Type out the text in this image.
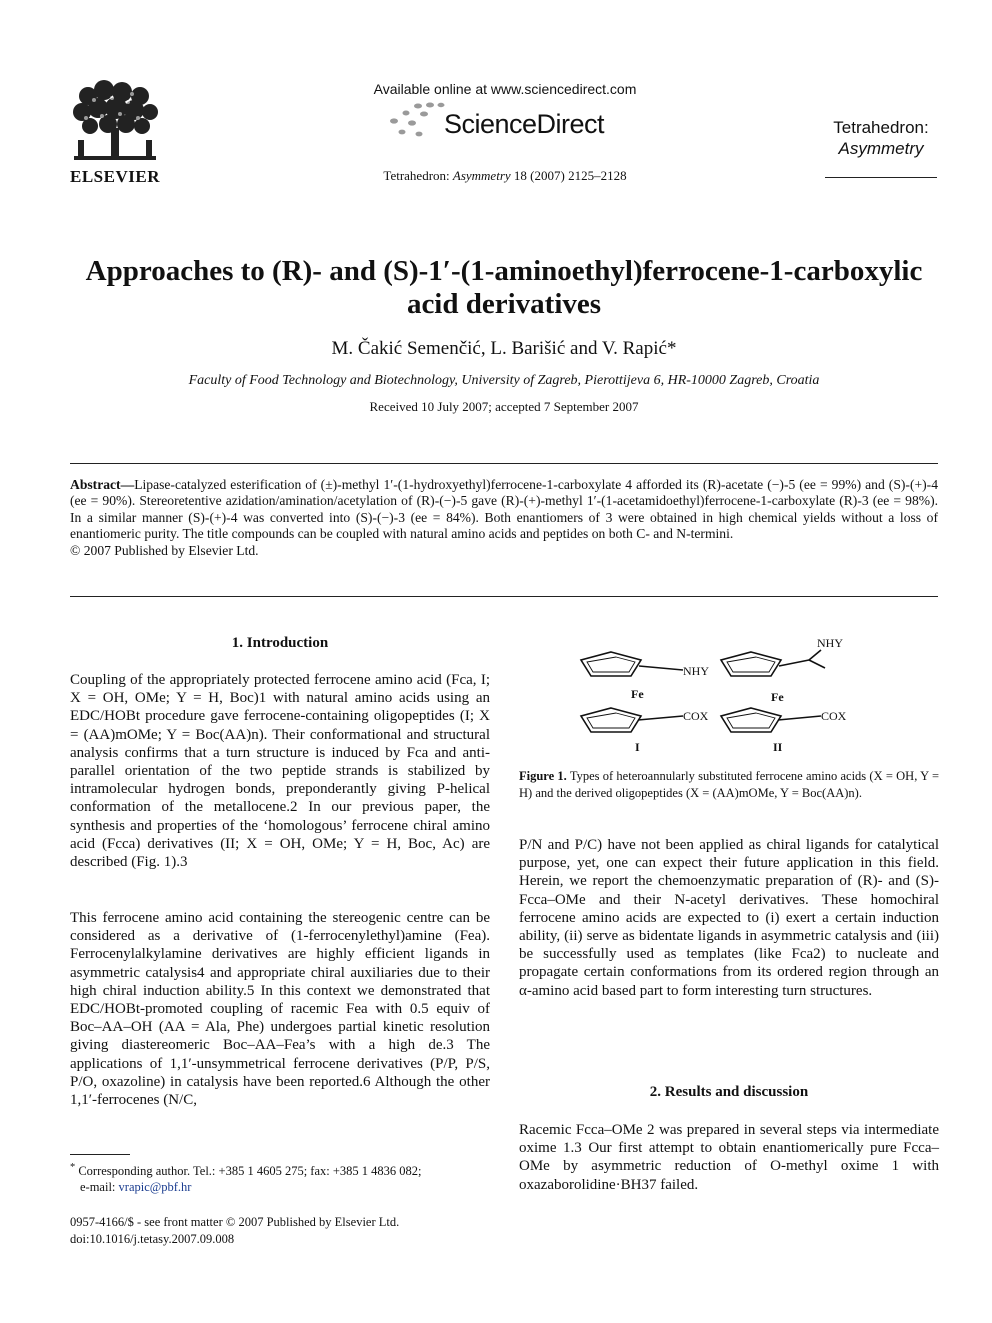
ELSEVIER
Available online at www.sciencedirect.com
ScienceDirect
Tetrahedron: Asymmetry 18 (2007) 2125–2128
Tetrahedron:
Asymmetry
Approaches to (R)- and (S)-1′-(1-aminoethyl)ferrocene-1-carboxylic acid derivatives
M. Čakić Semenčić, L. Barišić and V. Rapić*
Faculty of Food Technology and Biotechnology, University of Zagreb, Pierottijeva 6, HR-10000 Zagreb, Croatia
Received 10 July 2007; accepted 7 September 2007
Abstract—Lipase-catalyzed esterification of (±)-methyl 1′-(1-hydroxyethyl)ferrocene-1-carboxylate 4 afforded its (R)-acetate (−)-5 (ee = 99%) and (S)-(+)-4 (ee = 90%). Stereoretentive azidation/amination/acetylation of (R)-(−)-5 gave (R)-(+)-methyl 1′-(1-acetamidoethyl)ferrocene-1-carboxylate (R)-3 (ee = 98%). In a similar manner (S)-(+)-4 was converted into (S)-(−)-3 (ee = 84%). Both enantiomers of 3 were obtained in high chemical yields without a loss of enantiomeric purity. The title compounds can be coupled with natural amino acids and peptides on both C- and N-termini.
© 2007 Published by Elsevier Ltd.
1. Introduction

Coupling of the appropriately protected ferrocene amino acid (Fca, I; X = OH, OMe; Y = H, Boc)1 with natural amino acids using an EDC/HOBt procedure gave ferrocene-containing oligopeptides (I; X = (AA)mOMe; Y = Boc(AA)n). Their conformational and structural analysis confirms that a turn structure is induced by Fca and anti-parallel orientation of the two peptide strands is stabilized by intramolecular hydrogen bonds, preponderantly giving P-helical conformation of the metallocene.2 In our previous paper, the synthesis and properties of the ‘homologous’ ferrocene chiral amino acid (Fcca) derivatives (II; X = OH, OMe; Y = H, Boc, Ac) are described (Fig. 1).3

This ferrocene amino acid containing the stereogenic centre can be considered as a derivative of (1-ferrocenylethyl)amine (Fea). Ferrocenylalkylamine derivatives are highly efficient ligands in asymmetric catalysis4 and appropriate chiral auxiliaries due to their high chiral induction ability.5 In this context we demonstrated that EDC/HOBt-promoted coupling of racemic Fea with 0.5 equiv of Boc–AA–OH (AA = Ala, Phe) undergoes partial kinetic resolution giving diastereomeric Boc–AA–Fea’s with a high de.3 The applications of 1,1′-unsymmetrical ferrocene derivatives (P/P, P/S, P/O, oxazoline) in catalysis have been reported.6 Although the other 1,1′-ferrocenes (N/C,

* Corresponding author. Tel.: +385 1 4605 275; fax: +385 1 4836 082;
e-mail: vrapic@pbf.hr
0957-4166/$ - see front matter © 2007 Published by Elsevier Ltd.
doi:10.1016/j.tetasy.2007.09.008
NHY
Fe
COX
I
NHY
Fe
COX
II
Figure 1. Types of heteroannularly substituted ferrocene amino acids (X = OH, Y = H) and the derived oligopeptides (X = (AA)mOMe, Y = Boc(AA)n).

P/N and P/C) have not been applied as chiral ligands for catalytical purpose, yet, one can expect their future application in this field. Herein, we report the chemoenzymatic preparation of (R)- and (S)-Fcca–OMe and their N-acetyl derivatives. These homochiral ferrocene amino acids are expected to (i) exert a certain induction ability, (ii) serve as bidentate ligands in asymmetric catalysis and (iii) be successfully used as templates (like Fca2) to nucleate and propagate certain conformations from its ordered region through an α-amino acid based part to form interesting turn structures.

2. Results and discussion

Racemic Fcca–OMe 2 was prepared in several steps via intermediate oxime 1.3 Our first attempt to obtain enantiomerically pure Fcca–OMe by asymmetric reduction of O-methyl oxime 1 with oxazaborolidine·BH37 failed.
